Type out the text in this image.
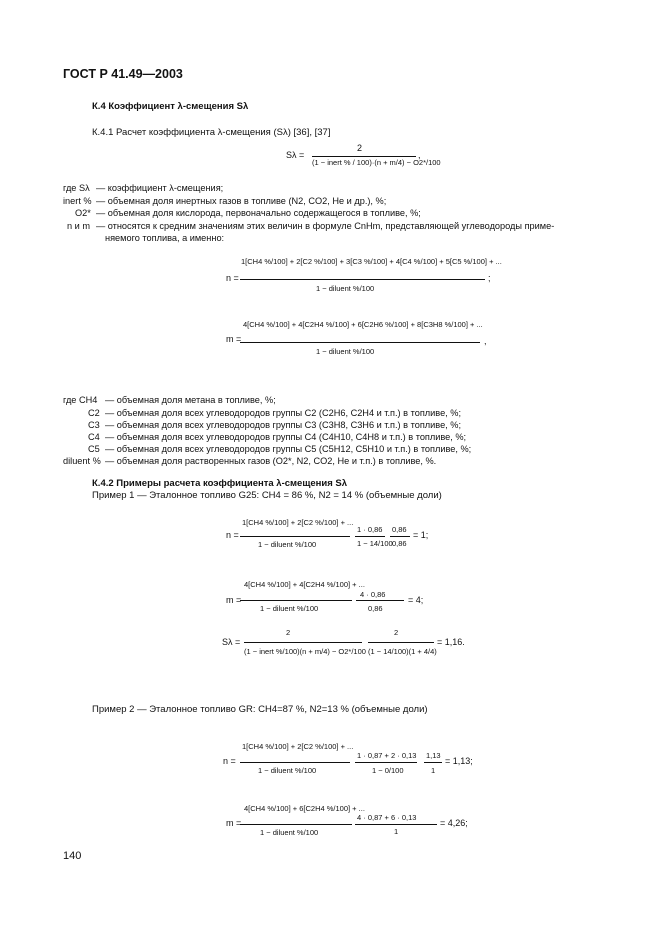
ГОСТ Р 41.49—2003
К.4 Коэффициент λ-смещения Sλ
К.4.1 Расчет коэффициента λ-смещения (Sλ) [36], [37]
Sλ =
2
(1 − inert % / 100)·(n + m/4) − O2*/100
,
где Sλ — коэффициент λ-смещения;
inert % — объемная доля инертных газов в топливе (N2, CO2, He и др.), %;
O2* — объемная доля кислорода, первоначально содержащегося в топливе, %;
n и m — относятся к средним значениям этих величин в формуле CnHm, представляющей углеводороды приме-
няемого топлива, а именно:
n =
1[CH4 %/100] + 2[C2 %/100] + 3[C3 %/100] + 4[C4 %/100] + 5[C5 %/100] + ...
1 − diluent %/100
;
m =
4[CH4 %/100] + 4[C2H4 %/100] + 6[C2H6 %/100] + 8[C3H8 %/100] + ...
1 − diluent %/100
,
где CH4 — объемная доля метана в топливе, %;
C2 — объемная доля всех углеводородов группы C2 (C2H6, C2H4 и т.п.) в топливе, %;
C3 — объемная доля всех углеводородов группы C3 (C3H8, C3H6 и т.п.) в топливе, %;
C4 — объемная доля всех углеводородов группы C4 (C4H10, C4H8 и т.п.) в топливе, %;
C5 — объемная доля всех углеводородов группы C5 (C5H12, C5H10 и т.п.) в топливе, %;
diluent % — объемная доля растворенных газов (O2*, N2, CO2, He и т.п.) в топливе, %.
К.4.2 Примеры расчета коэффициента λ-смещения Sλ
Пример 1 — Эталонное топливо G25: CH4 = 86 %, N2 = 14 % (объемные доли)
n =
1[CH4 %/100] + 2[C2 %/100] + ...
1 − diluent %/100
1 · 0,86
1 − 14/100
0,86
0,86
= 1;
m =
4[CH4 %/100] + 4[C2H4 %/100] + ...
1 − diluent %/100
4 · 0,86
0,86
= 4;
Sλ =
2
(1 − inert %/100)(n + m/4) − O2*/100
2
(1 − 14/100)(1 + 4/4)
= 1,16.
Пример 2 — Эталонное топливо GR: CH4=87 %, N2=13 % (объемные доли)
n =
1[CH4 %/100] + 2[C2 %/100] + ...
1 − diluent %/100
1 · 0,87 + 2 · 0,13
1 − 0/100
1,13
1
= 1,13;
m =
4[CH4 %/100] + 6[C2H4 %/100] + ...
1 − diluent %/100
4 · 0,87 + 6 · 0,13
1
= 4,26;
140
